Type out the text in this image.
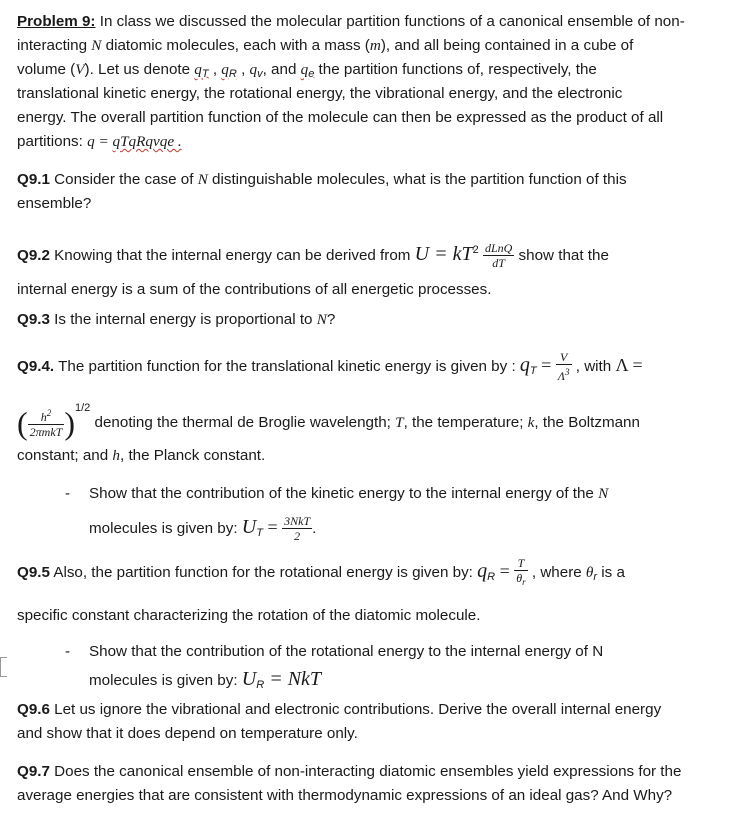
Problem 9: In class we discussed the molecular partition functions of a canonical ensemble of non-
interacting N diatomic molecules, each with a mass (m), and all being contained in a cube of
volume (V). Let us denote $q_T$ , $q_R$ , $q_v$, and $q_e$ the partition functions of, respectively, the
translational kinetic energy, the rotational energy, the vibrational energy, and the electronic
energy. The overall partition function of the molecule can then be expressed as the product of all
partitions: q = qTqRqvqe .
Q9.1 Consider the case of N distinguishable molecules, what is the partition function of this
ensemble?
Q9.2 Knowing that the internal energy can be derived from $U = kT^2 \frac{\text{dLnQ}}{dT}$ show that the
internal energy is a sum of the contributions of all energetic processes.
Q9.3 Is the internal energy is proportional to N?
Q9.4. The partition function for the translational kinetic energy is given by : $q_T = \frac{V}{\Lambda^3}$ , with Λ =
( $\frac{h^2}{\text{2πmkT}} )^{1/2}$ denoting the thermal de Broglie wavelength; T, the temperature; k, the Boltzmann
constant; and h, the Planck constant.
- Show that the contribution of the kinetic energy to the internal energy of the N
molecules is given by: $U_T = \frac{\text{3NkT}}{2}$ .
Q9.5 Also, the partition function for the rotational energy is given by: $q_R = \frac{T}{\theta_r}$ , where $\theta_r$ is a
specific constant characterizing the rotation of the diatomic molecule.
- Show that the contribution of the rotational energy to the internal energy of N
molecules is given by: $U_R$ = NkT
Q9.6 Let us ignore the vibrational and electronic contributions. Derive the overall internal energy
and show that it does depend on temperature only.
Q9.7 Does the canonical ensemble of non-interacting diatomic ensembles yield expressions for the
average energies that are consistent with thermodynamic expressions of an ideal gas? And Why?
